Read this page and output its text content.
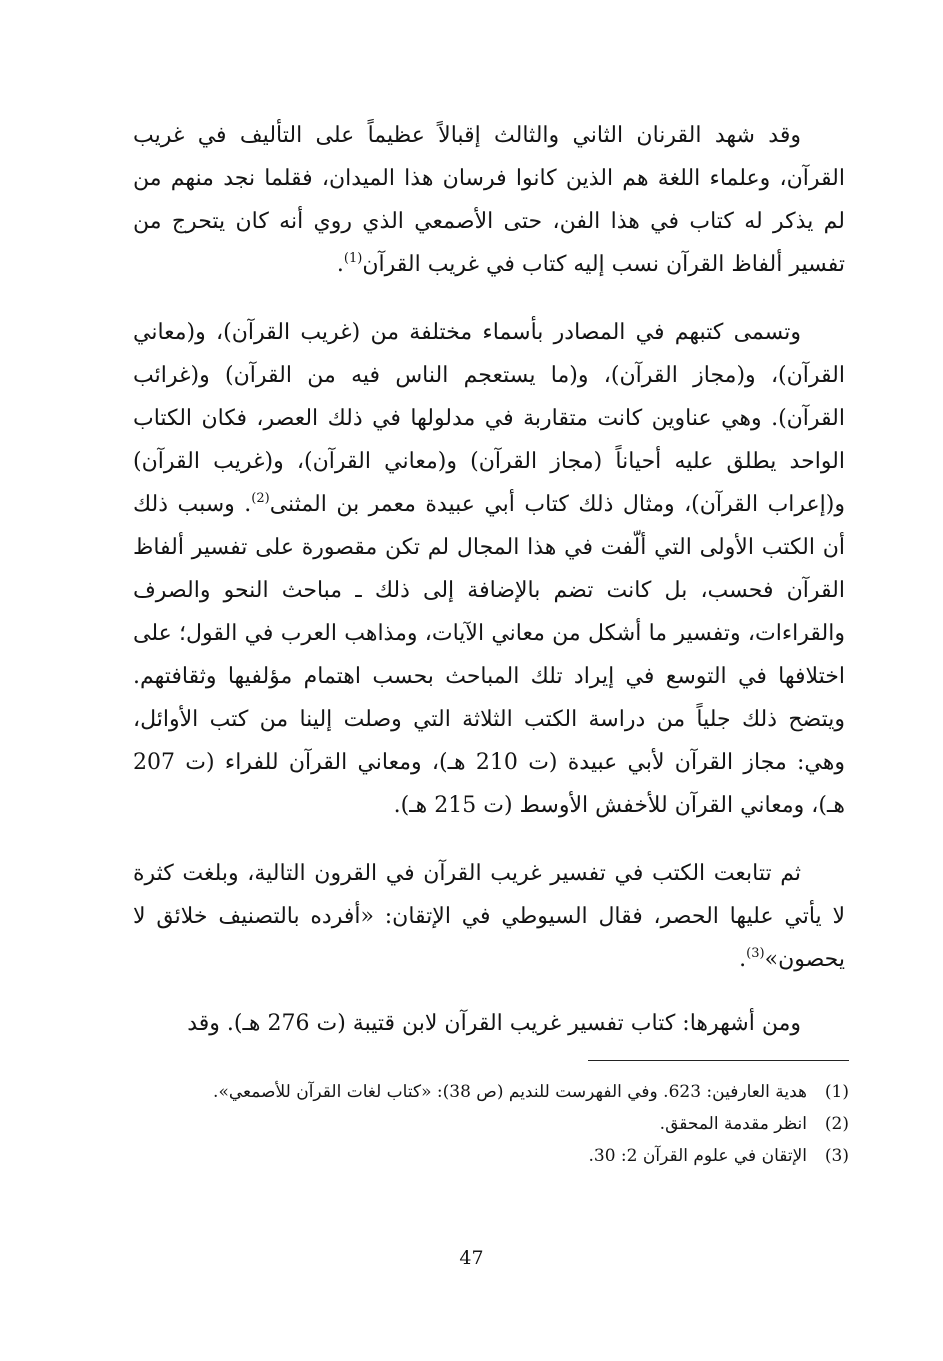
وقد شهد القرنان الثاني والثالث إقبالاً عظيماً على التأليف في غريب القرآن، وعلماء اللغة هم الذين كانوا فرسان هذا الميدان، فقلما نجد منهم من لم يذكر له كتاب في هذا الفن، حتى الأصمعي الذي روي أنه كان يتحرج من تفسير ألفاظ القرآن نسب إليه كتاب في غريب القرآن$^{(1)}$.

وتسمى كتبهم في المصادر بأسماء مختلفة من (غريب القرآن)، و(معاني القرآن)، و(مجاز القرآن)، و(ما يستعجم الناس فيه من القرآن) و(غرائب القرآن). وهي عناوين كانت متقاربة في مدلولها في ذلك العصر، فكان الكتاب الواحد يطلق عليه أحياناً (مجاز القرآن) و(معاني القرآن)، و(غريب القرآن) و(إعراب القرآن)، ومثال ذلك كتاب أبي عبيدة معمر بن المثنى$^{(2)}$. وسبب ذلك أن الكتب الأولى التي ألّفت في هذا المجال لم تكن مقصورة على تفسير ألفاظ القرآن فحسب، بل كانت تضم بالإضافة إلى ذلك ـ مباحث النحو والصرف والقراءات، وتفسير ما أشكل من معاني الآيات، ومذاهب العرب في القول؛ على اختلافها في التوسع في إيراد تلك المباحث بحسب اهتمام مؤلفيها وثقافتهم. ويتضح ذلك جلياً من دراسة الكتب الثلاثة التي وصلت إلينا من كتب الأوائل، وهي: مجاز القرآن لأبي عبيدة (ت 210 هـ)، ومعاني القرآن للفراء (ت 207 هـ)، ومعاني القرآن للأخفش الأوسط (ت 215 هـ).

ثم تتابعت الكتب في تفسير غريب القرآن في القرون التالية، وبلغت كثرة لا يأتي عليها الحصر، فقال السيوطي في الإتقان: «أفرده بالتصنيف خلائق لا يحصون»$^{(3)}$.

ومن أشهرها: كتاب تفسير غريب القرآن لابن قتيبة (ت 276 هـ). وقد

(1)
هدية العارفين: 623. وفي الفهرست للنديم (ص 38): «كتاب لغات القرآن للأصمعي».
(2)
انظر مقدمة المحقق.
(3)
الإتقان في علوم القرآن 2: 30.
47
